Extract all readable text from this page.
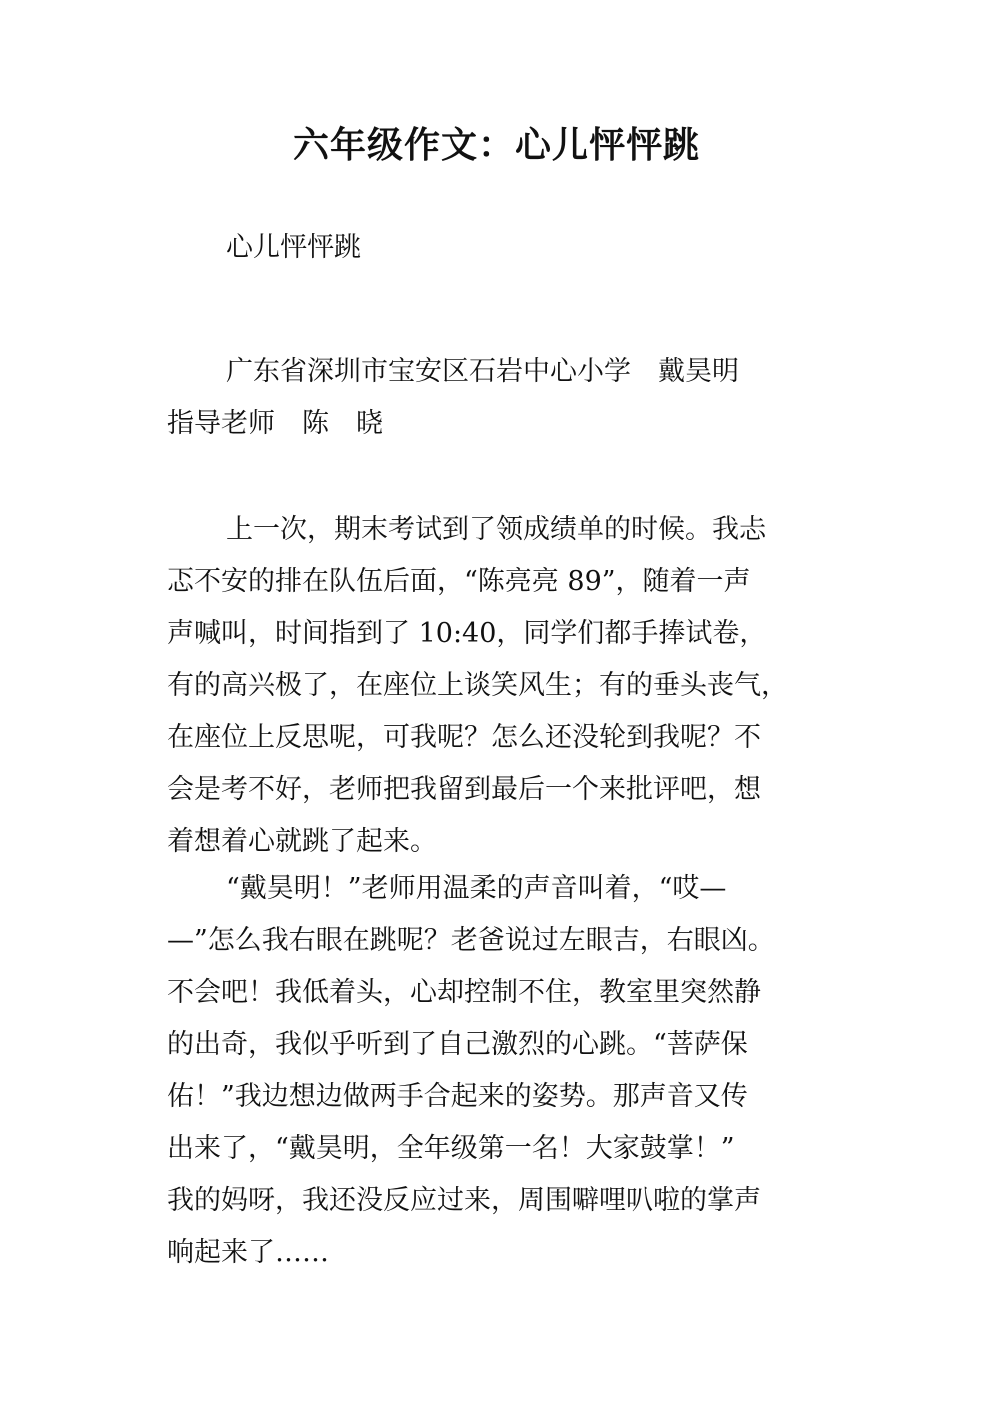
六年级作文：心儿怦怦跳

心儿怦怦跳

广东省深圳市宝安区石岩中心小学　戴昊明
指导老师　陈　晓

上一次，期末考试到了领成绩单的时候。我忐
忑不安的排在队伍后面，“陈亮亮 89”，随着一声
声喊叫，时间指到了 10:40，同学们都手捧试卷，
有的高兴极了，在座位上谈笑风生；有的垂头丧气，
在座位上反思呢，可我呢？怎么还没轮到我呢？不
会是考不好，老师把我留到最后一个来批评吧，想
着想着心就跳了起来。

“戴昊明！”老师用温柔的声音叫着，“哎—
—”怎么我右眼在跳呢？老爸说过左眼吉，右眼凶。
不会吧！我低着头，心却控制不住，教室里突然静
的出奇，我似乎听到了自己激烈的心跳。“菩萨保
佑！”我边想边做两手合起来的姿势。那声音又传
出来了，“戴昊明，全年级第一名！大家鼓掌！”
我的妈呀，我还没反应过来，周围噼哩叭啦的掌声
响起来了……
